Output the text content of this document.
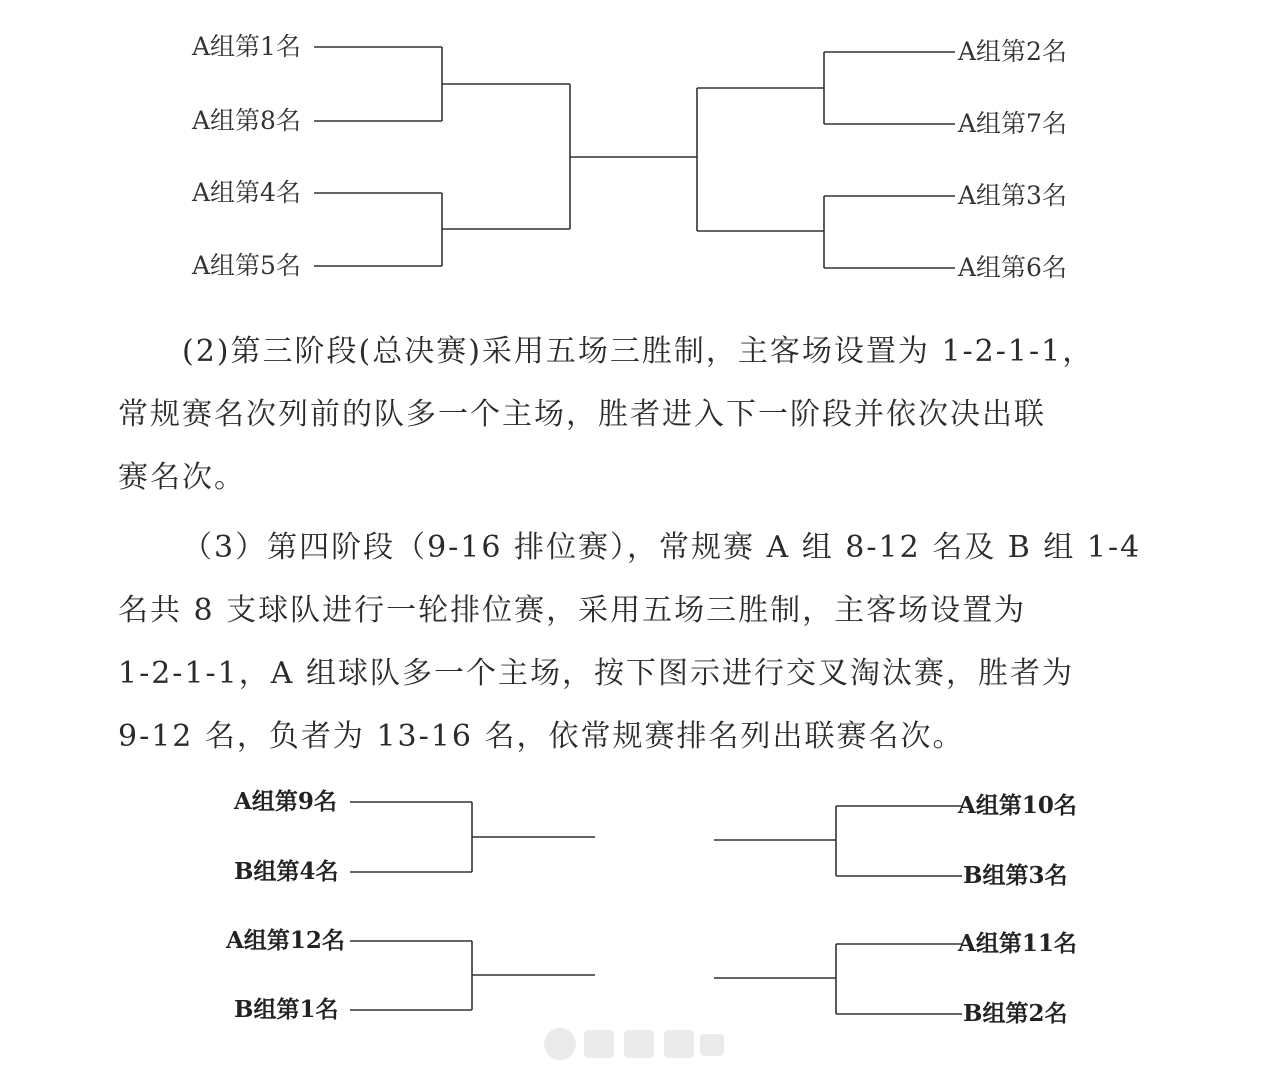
A组第1名
A组第8名
A组第4名
A组第5名
A组第2名
A组第7名
A组第3名
A组第6名

(2)第三阶段(总决赛)采用五场三胜制，主客场设置为 1-2-1-1，

常规赛名次列前的队多一个主场，胜者进入下一阶段并依次决出联

赛名次。

（3）第四阶段（9-16 排位赛），常规赛 A 组 8-12 名及 B 组 1-4

名共 8 支球队进行一轮排位赛，采用五场三胜制，主客场设置为

1-2-1-1，A 组球队多一个主场，按下图示进行交叉淘汰赛，胜者为

9-12 名，负者为 13-16 名，依常规赛排名列出联赛名次。

A组第9名
B组第4名
A组第12名
B组第1名
A组第10名
B组第3名
A组第11名
B组第2名
